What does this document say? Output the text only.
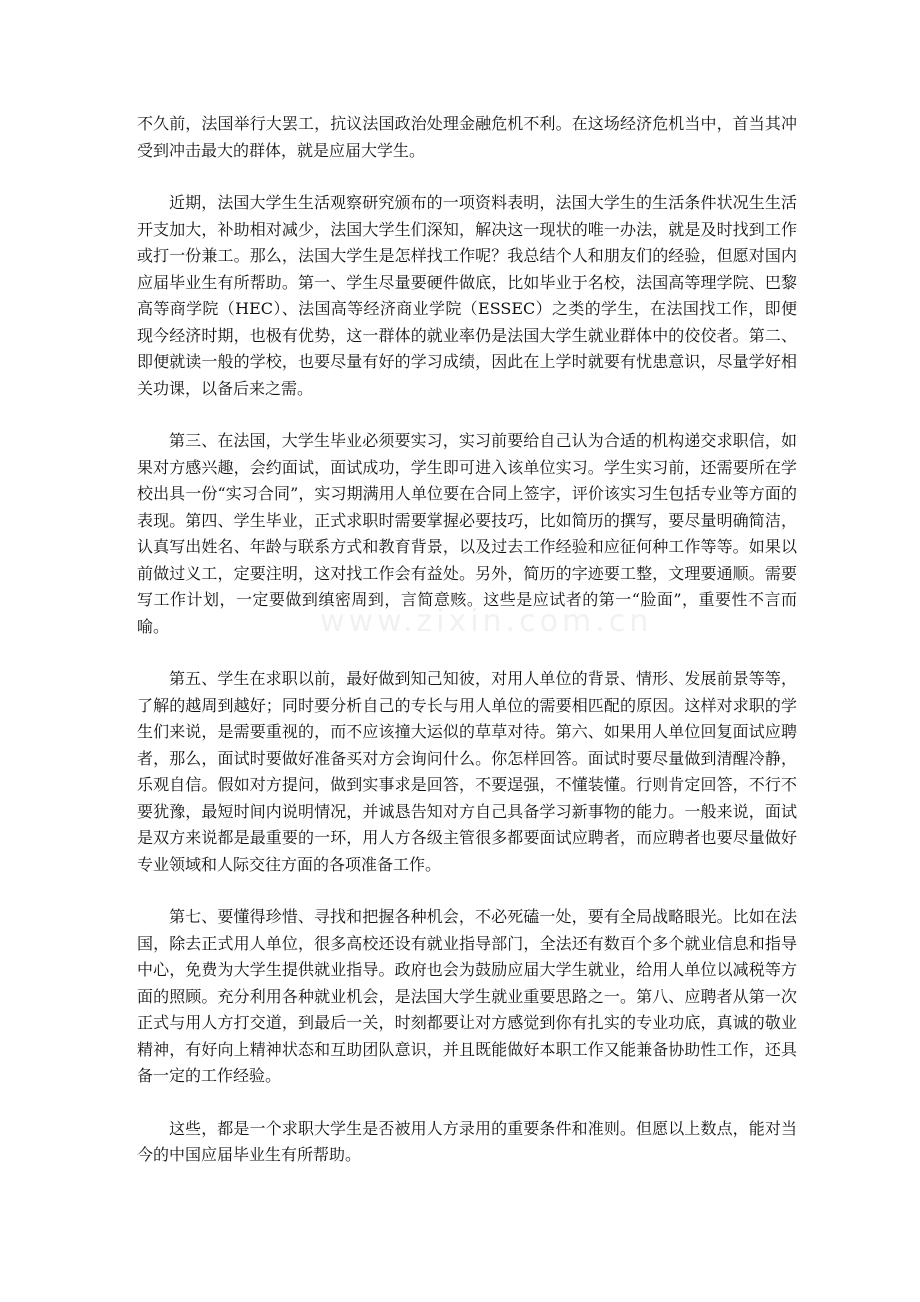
www.zixin.com.cn

不久前，法国举行大罢工，抗议法国政治处理金融危机不利。在这场经济危机当中，首当其冲受到冲击最大的群体，就是应届大学生。

近期，法国大学生生活观察研究颁布的一项资料表明，法国大学生的生活条件状况生生活开支加大，补助相对减少，法国大学生们深知，解决这一现状的唯一办法，就是及时找到工作或打一份兼工。那么，法国大学生是怎样找工作呢？我总结个人和朋友们的经验，但愿对国内应届毕业生有所帮助。第一、学生尽量要硬件做底，比如毕业于名校，法国高等理学院、巴黎高等商学院（HEC）、法国高等经济商业学院（ESSEC）之类的学生，在法国找工作，即便现今经济时期，也极有优势，这一群体的就业率仍是法国大学生就业群体中的佼佼者。第二、即便就读一般的学校，也要尽量有好的学习成绩，因此在上学时就要有忧患意识，尽量学好相关功课，以备后来之需。

第三、在法国，大学生毕业必须要实习，实习前要给自己认为合适的机构递交求职信，如果对方感兴趣，会约面试，面试成功，学生即可进入该单位实习。学生实习前，还需要所在学校出具一份“实习合同”，实习期满用人单位要在合同上签字，评价该实习生包括专业等方面的表现。第四、学生毕业，正式求职时需要掌握必要技巧，比如简历的撰写，要尽量明确简洁，认真写出姓名、年龄与联系方式和教育背景，以及过去工作经验和应征何种工作等等。如果以前做过义工，定要注明，这对找工作会有益处。另外，简历的字迹要工整，文理要通顺。需要写工作计划，一定要做到缜密周到，言简意赅。这些是应试者的第一“脸面”，重要性不言而喻。

第五、学生在求职以前，最好做到知己知彼，对用人单位的背景、情形、发展前景等等，了解的越周到越好；同时要分析自己的专长与用人单位的需要相匹配的原因。这样对求职的学生们来说，是需要重视的，而不应该撞大运似的草草对待。第六、如果用人单位回复面试应聘者，那么，面试时要做好准备买对方会询问什么。你怎样回答。面试时要尽量做到清醒冷静，乐观自信。假如对方提问，做到实事求是回答，不要逞强，不懂装懂。行则肯定回答，不行不要犹豫，最短时间内说明情况，并诚恳告知对方自己具备学习新事物的能力。一般来说，面试是双方来说都是最重要的一环，用人方各级主管很多都要面试应聘者，而应聘者也要尽量做好专业领域和人际交往方面的各项准备工作。

第七、要懂得珍惜、寻找和把握各种机会，不必死磕一处，要有全局战略眼光。比如在法国，除去正式用人单位，很多高校还设有就业指导部门，全法还有数百个多个就业信息和指导中心，免费为大学生提供就业指导。政府也会为鼓励应届大学生就业，给用人单位以减税等方面的照顾。充分利用各种就业机会，是法国大学生就业重要思路之一。第八、应聘者从第一次正式与用人方打交道，到最后一关，时刻都要让对方感觉到你有扎实的专业功底，真诚的敬业精神，有好向上精神状态和互助团队意识，并且既能做好本职工作又能兼备协助性工作，还具备一定的工作经验。

这些，都是一个求职大学生是否被用人方录用的重要条件和准则。但愿以上数点，能对当今的中国应届毕业生有所帮助。
